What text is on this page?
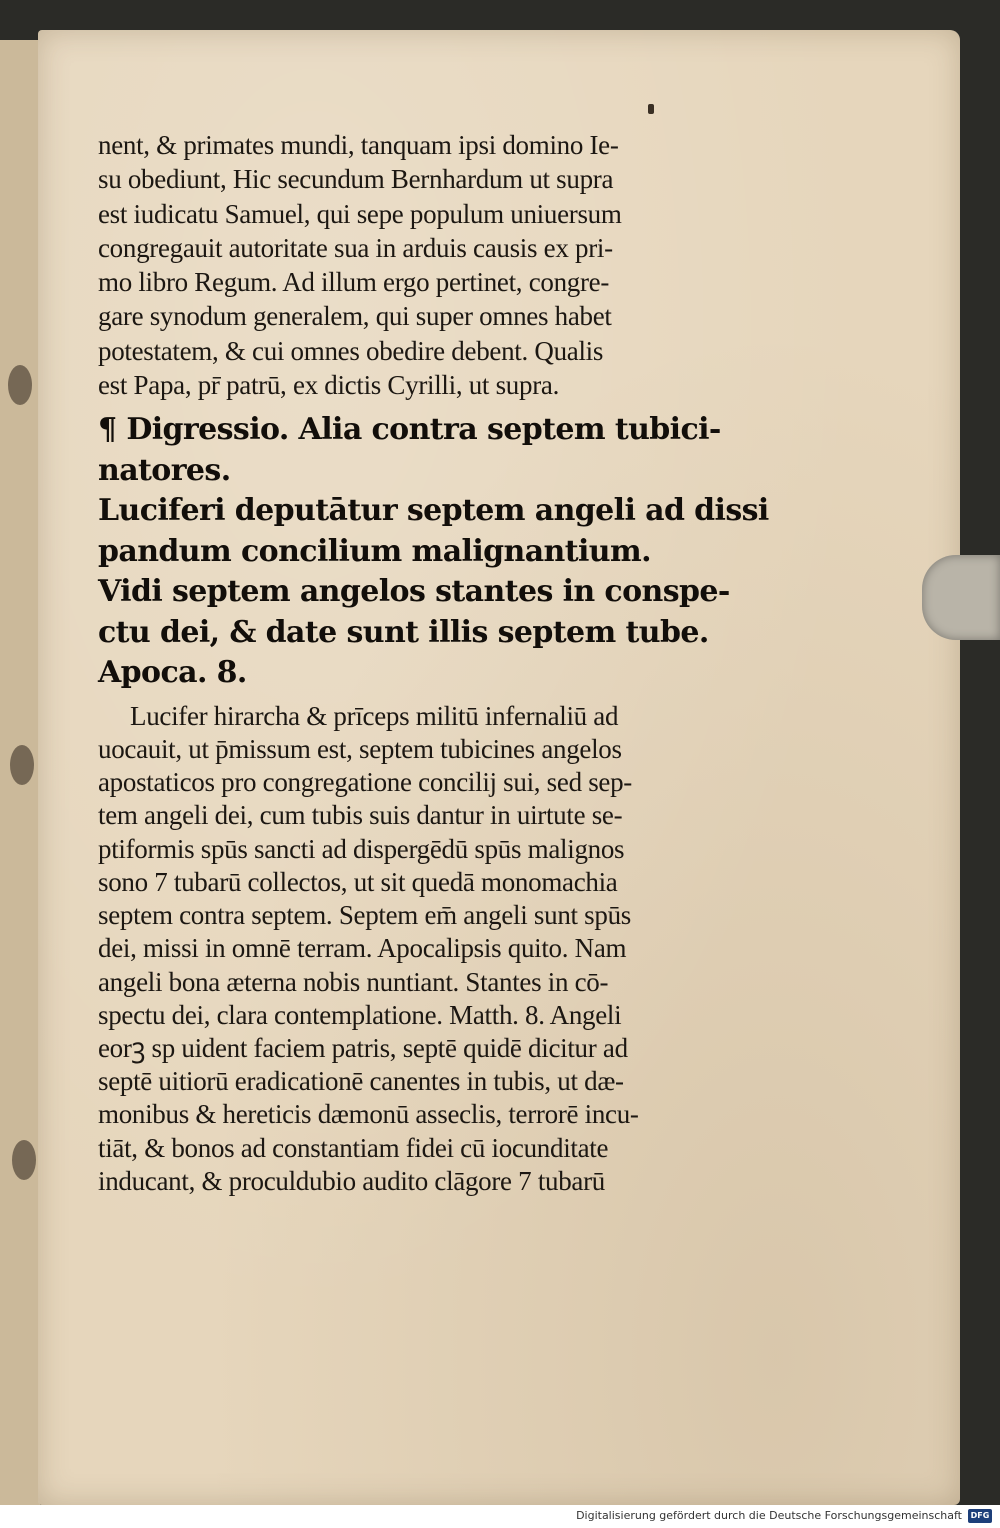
nent, & primates mundi, tanquam ipsi domino Ie-
su obediunt, Hic secundum Bernhardum ut supra
est iudicatu Samuel, qui sepe populum uniuersum
congregauit autoritate sua in arduis causis ex pri-
mo libro Regum. Ad illum ergo pertinet, congre-
gare synodum generalem, qui super omnes habet
potestatem, & cui omnes obedire debent. Qualis
est Papa, pr̄ patrū, ex dictis Cyrilli, ut supra.
¶ Digressio. Alia contra septem tubici-
natores.
Luciferi deputātur septem angeli ad dissi
pandum concilium malignantium.
Vidi septem angelos stantes in conspe-
ctu dei, & date sunt illis septem tube.
Apoca. 8.
Lucifer hirarcha & prīceps militū infernaliū ad
uocauit, ut p̄missum est, septem tubicines angelos
apostaticos pro congregatione concilij sui, sed sep-
tem angeli dei, cum tubis suis dantur in uirtute se-
ptiformis spūs sancti ad dispergēdū spūs malignos
sono 7 tubarū collectos, ut sit quedā monomachia
septem contra septem. Septem em̄ angeli sunt spūs
dei, missi in omnē terram. Apocalipsis quito. Nam
angeli bona æterna nobis nuntiant. Stantes in cō-
spectu dei, clara contemplatione. Matth. 8. Angeli
eorꝫ sp uident faciem patris, septē quidē dicitur ad
septē uitiorū eradicationē canentes in tubis, ut dæ-
monibus & hereticis dæmonū asseclis, terrorē incu-
tiāt, & bonos ad constantiam fidei cū iocunditate
inducant, & proculdubio audito clāgore 7 tubarū
Digitalisierung gefördert durch die Deutsche Forschungsgemeinschaft	DFG
